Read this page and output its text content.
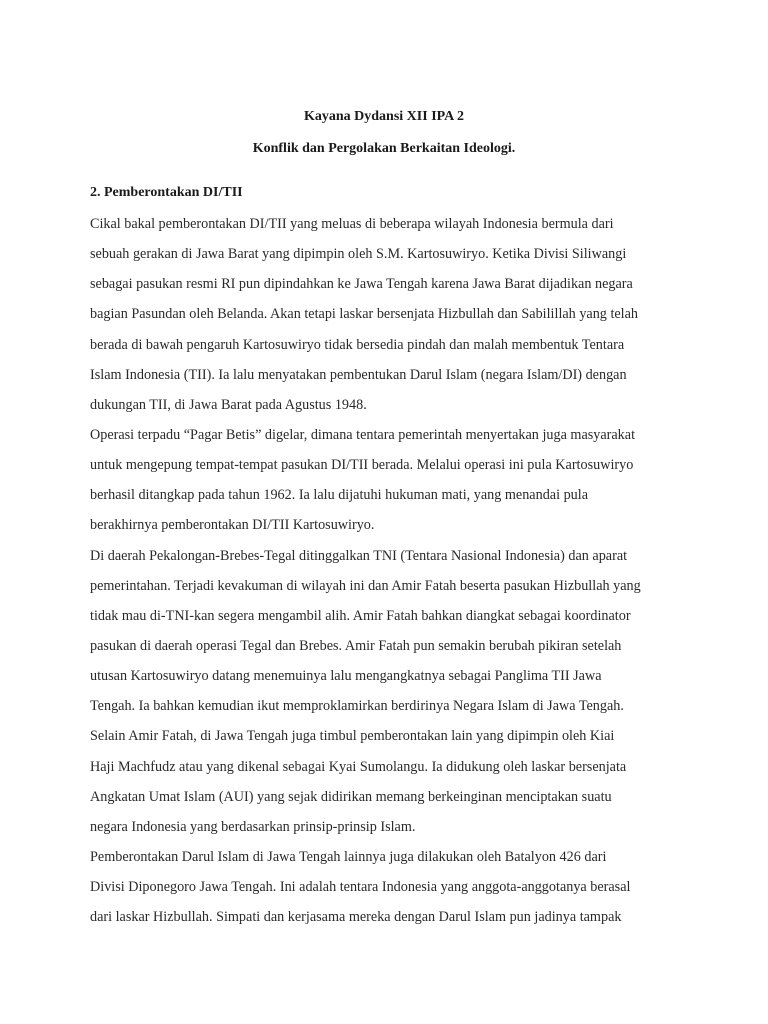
Kayana Dydansi XII IPA 2
Konflik dan Pergolakan Berkaitan Ideologi.
2. Pemberontakan DI/TII
Cikal bakal pemberontakan DI/TII yang meluas di beberapa wilayah Indonesia bermula dari
sebuah gerakan di Jawa Barat yang dipimpin oleh S.M. Kartosuwiryo. Ketika Divisi Siliwangi
sebagai pasukan resmi RI pun dipindahkan ke Jawa Tengah karena Jawa Barat dijadikan negara
bagian Pasundan oleh Belanda. Akan tetapi laskar bersenjata Hizbullah dan Sabilillah yang telah
berada di bawah pengaruh Kartosuwiryo tidak bersedia pindah dan malah membentuk Tentara
Islam Indonesia (TII). Ia lalu menyatakan pembentukan Darul Islam (negara Islam/DI) dengan
dukungan TII, di Jawa Barat pada Agustus 1948.
Operasi terpadu “Pagar Betis” digelar, dimana tentara pemerintah menyertakan juga masyarakat
untuk mengepung tempat-tempat pasukan DI/TII berada. Melalui operasi ini pula Kartosuwiryo
berhasil ditangkap pada tahun 1962. Ia lalu dijatuhi hukuman mati, yang menandai pula
berakhirnya pemberontakan DI/TII Kartosuwiryo.
Di daerah Pekalongan-Brebes-Tegal ditinggalkan TNI (Tentara Nasional Indonesia) dan aparat
pemerintahan. Terjadi kevakuman di wilayah ini dan Amir Fatah beserta pasukan Hizbullah yang
tidak mau di-TNI-kan segera mengambil alih. Amir Fatah bahkan diangkat sebagai koordinator
pasukan di daerah operasi Tegal dan Brebes. Amir Fatah pun semakin berubah pikiran setelah
utusan Kartosuwiryo datang menemuinya lalu mengangkatnya sebagai Panglima TII Jawa
Tengah. Ia bahkan kemudian ikut memproklamirkan berdirinya Negara Islam di Jawa Tengah.
Selain Amir Fatah, di Jawa Tengah juga timbul pemberontakan lain yang dipimpin oleh Kiai
Haji Machfudz atau yang dikenal sebagai Kyai Sumolangu. Ia didukung oleh laskar bersenjata
Angkatan Umat Islam (AUI) yang sejak didirikan memang berkeinginan menciptakan suatu
negara Indonesia yang berdasarkan prinsip-prinsip Islam.
Pemberontakan Darul Islam di Jawa Tengah lainnya juga dilakukan oleh Batalyon 426 dari
Divisi Diponegoro Jawa Tengah. Ini adalah tentara Indonesia yang anggota-anggotanya berasal
dari laskar Hizbullah. Simpati dan kerjasama mereka dengan Darul Islam pun jadinya tampak
